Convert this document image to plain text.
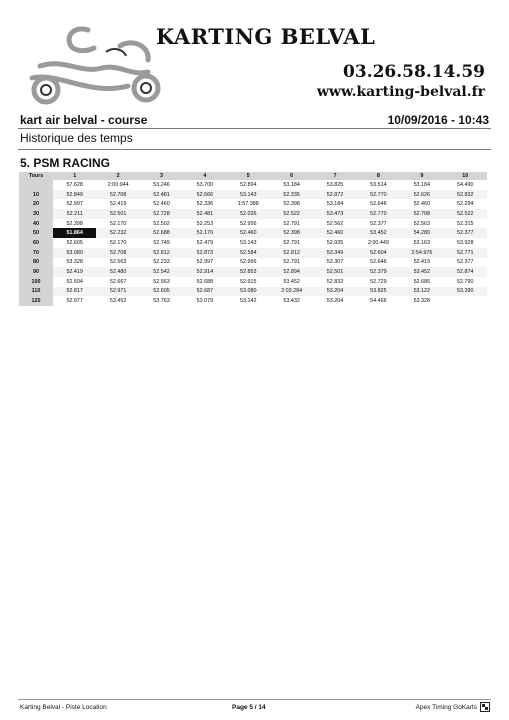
KARTING BELVAL
03.26.58.14.59
www.karting-belval.fr
kart air belval - course	10/09/2016 - 10:43
Historique des temps
5. PSM RACING
Tours	1	2	3	4	5	6	7	8	9	10
	57.628	2:00.944	53.246	53.700	52.894	53.184	53.825	53.514	53.184	54.490
10	52.849	52.708	52.481	52.666	53.143	52.335	52.872	52.770	52.626	52.832
20	52.997	52.419	52.460	52.336	1:57.388	52.398	53.184	52.646	52.460	52.294
30	52.211	52.501	52.728	52.481	52.026	52.522	53.473	52.770	52.708	52.522
40	52.398	52.170	52.502	52.253	52.956	52.791	52.562	52.377	52.563	52.315
50	51.864	52.232	52.688	52.170	52.460	52.398	52.460	53.452	54.280	52.377
60	52.605	52.170	52.749	52.479	53.143	52.791	52.935	2:00.449	53.163	53.928
70	53.080	52.708	52.812	52.873	52.584	52.812	53.349	52.604	2:54.976	52.771
80	53.328	52.563	52.233	52.997	52.956	52.791	53.307	52.646	52.419	52.377
90	52.419	52.480	52.542	52.914	52.853	52.894	52.501	52.379	53.452	52.874
100	52.604	52.667	52.563	52.688	52.915	53.452	52.832	52.729	52.686	52.790
110	52.817	52.971	52.605	52.687	53.080	2:03.284	53.204	53.825	53.122	53.390
120	52.977	53.452	53.763	53.079	53.142	53.432	53.204	54.466	53.328	
Karting Belval - Piste Location	Page 5 / 14	Apex Timing GoKarts
